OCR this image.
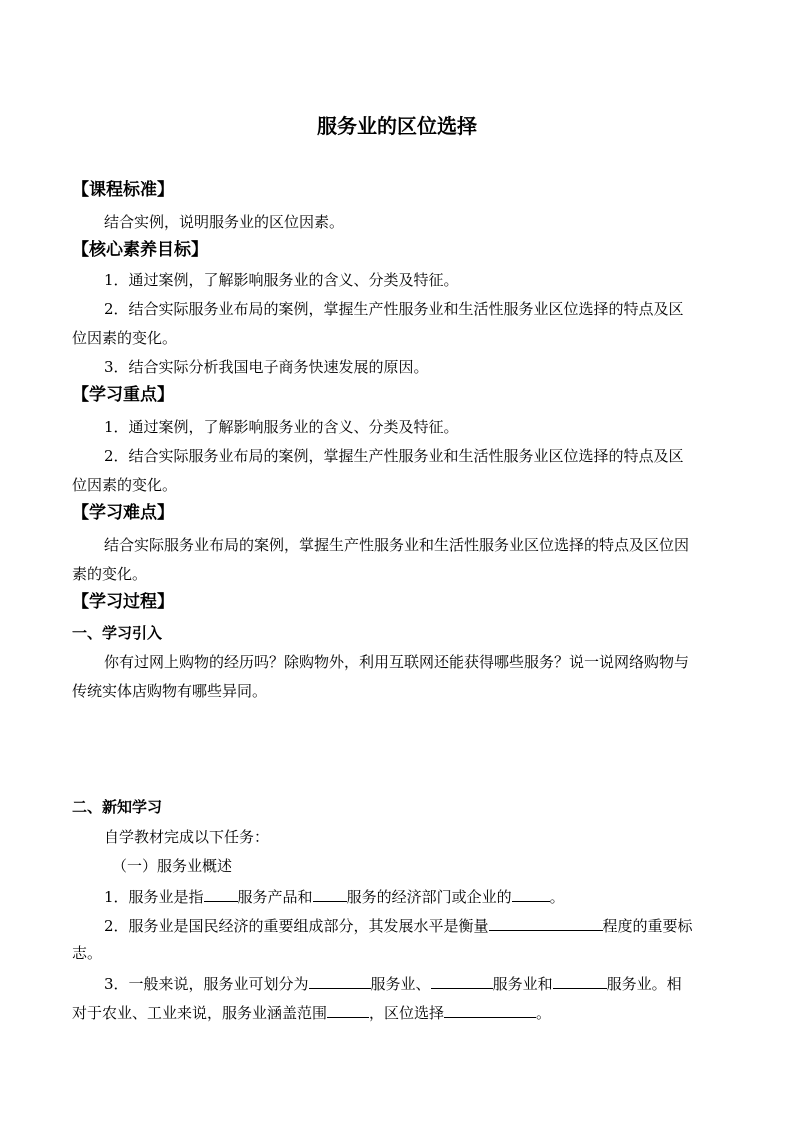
服务业的区位选择
【课程标准】
结合实例，说明服务业的区位因素。
【核心素养目标】
1．通过案例，了解影响服务业的含义、分类及特征。
2．结合实际服务业布局的案例，掌握生产性服务业和生活性服务业区位选择的特点及区
位因素的变化。
3．结合实际分析我国电子商务快速发展的原因。
【学习重点】
1．通过案例，了解影响服务业的含义、分类及特征。
2．结合实际服务业布局的案例，掌握生产性服务业和生活性服务业区位选择的特点及区
位因素的变化。
【学习难点】
结合实际服务业布局的案例，掌握生产性服务业和生活性服务业区位选择的特点及区位因
素的变化。
【学习过程】
一、学习引入
你有过网上购物的经历吗？除购物外，利用互联网还能获得哪些服务？说一说网络购物与
传统实体店购物有哪些异同。
二、新知学习
自学教材完成以下任务：
（一）服务业概述
1．服务业是指 服务产品和 服务的经济部门或企业的	。
2．服务业是国民经济的重要组成部分，其发展水平是衡量	程度的重要标
志。
3．一般来说，服务业可划分为	服务业、	服务业和	服务业。相
对于农业、工业来说，服务业涵盖范围	，区位选择	。
